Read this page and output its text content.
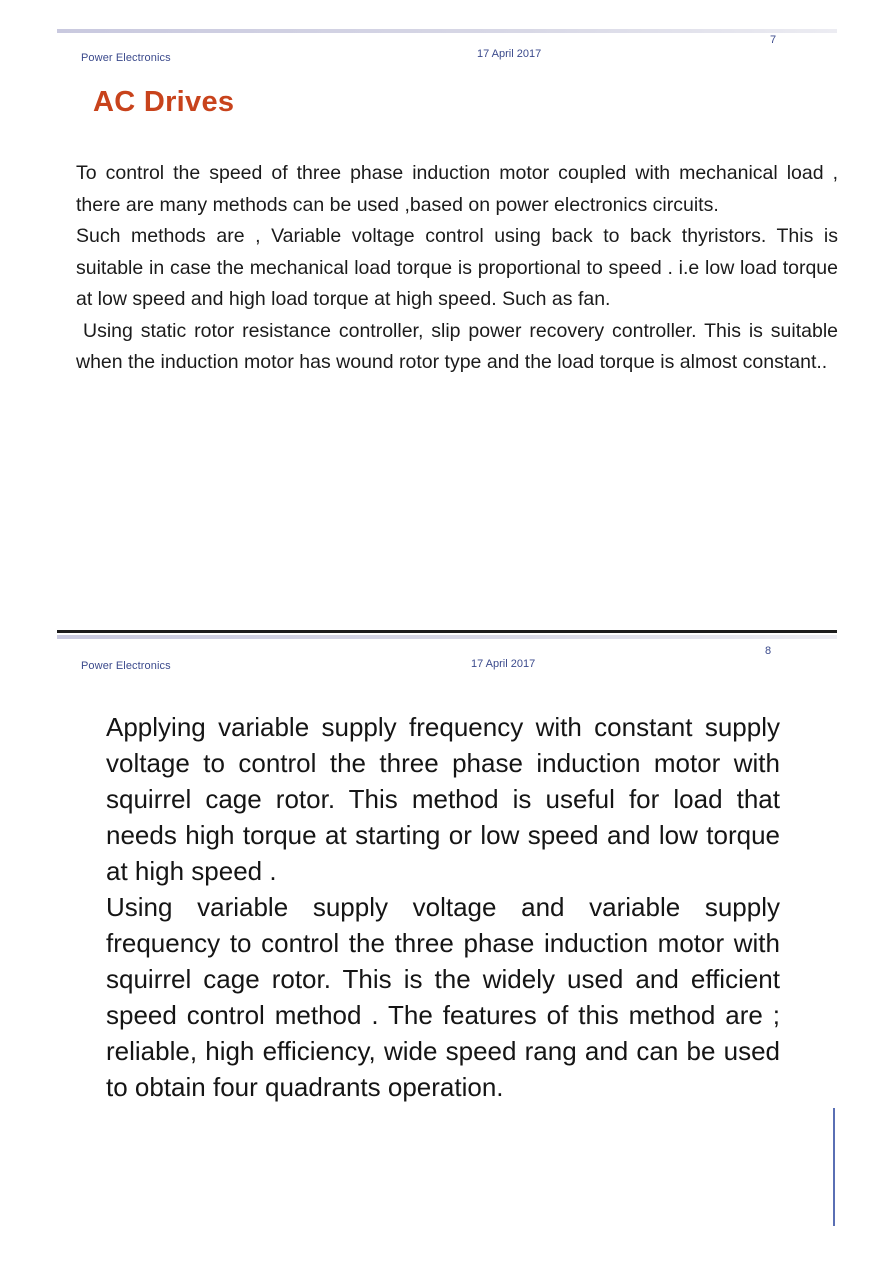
7
Power Electronics	17 April 2017
AC Drives

To control the speed of three phase induction motor coupled with mechanical load , there are many methods can be used ,based on power electronics circuits.

Such methods are , Variable voltage control using back to back thyristors. This is suitable in case the mechanical load torque is proportional to speed . i.e low load torque at low speed and high load torque at high speed. Such as fan.

Using static rotor resistance controller, slip power recovery controller. This is suitable when the induction motor has wound rotor type and the load torque is almost constant..

8
Power Electronics	17 April 2017

Applying variable supply frequency with constant supply voltage to control the three phase induction motor with squirrel cage rotor. This method is useful for load that needs high torque at starting or low speed and low torque at high speed .

Using variable supply voltage and variable supply frequency to control the three phase induction motor with squirrel cage rotor. This is the widely used and efficient speed control method . The features of this method are ; reliable, high efficiency, wide speed rang and can be used to obtain four quadrants operation.
